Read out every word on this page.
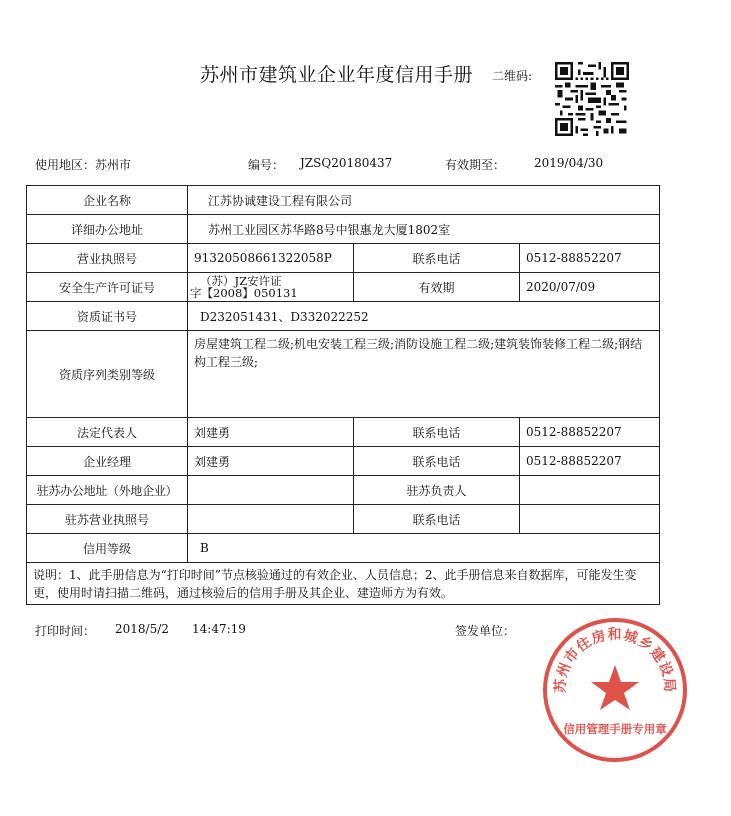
苏州市建筑业企业年度信用手册 二维码:
使用地区：苏州市	编号： JZSQ20180437	有效期至： 2019/04/30
企业名称	江苏协诚建设工程有限公司		
详细办公地址	苏州工业园区苏华路8号中银惠龙大厦1802室		
营业执照号	91320508661322058P	联系电话	0512-88852207
安全生产许可证号	（苏）JZ安许证
字【2008】050131	有效期	2020/07/09
资质证书号	D232051431、D332022252		
资质序列类别等级	房屋建筑工程二级;机电安装工程三级;消防设施工程二级;建筑装饰装修工程二级;钢结构工程三级;		
法定代表人	刘建勇	联系电话	0512-88852207
企业经理	刘建勇	联系电话	0512-88852207
驻苏办公地址（外地企业）		驻苏负责人	
驻苏营业执照号		联系电话	
信用等级	B		
说明：1、此手册信息为“打印时间”节点核验通过的有效企业、人员信息；2、此手册信息来自数据库，可能发生变更，使用时请扫描二维码，通过核验后的信用手册及其企业、建造师方为有效。			
打印时间： 2018/5/2 14:47:19	签发单位：
苏州市住房和城乡建设局
信用管理手册专用章
